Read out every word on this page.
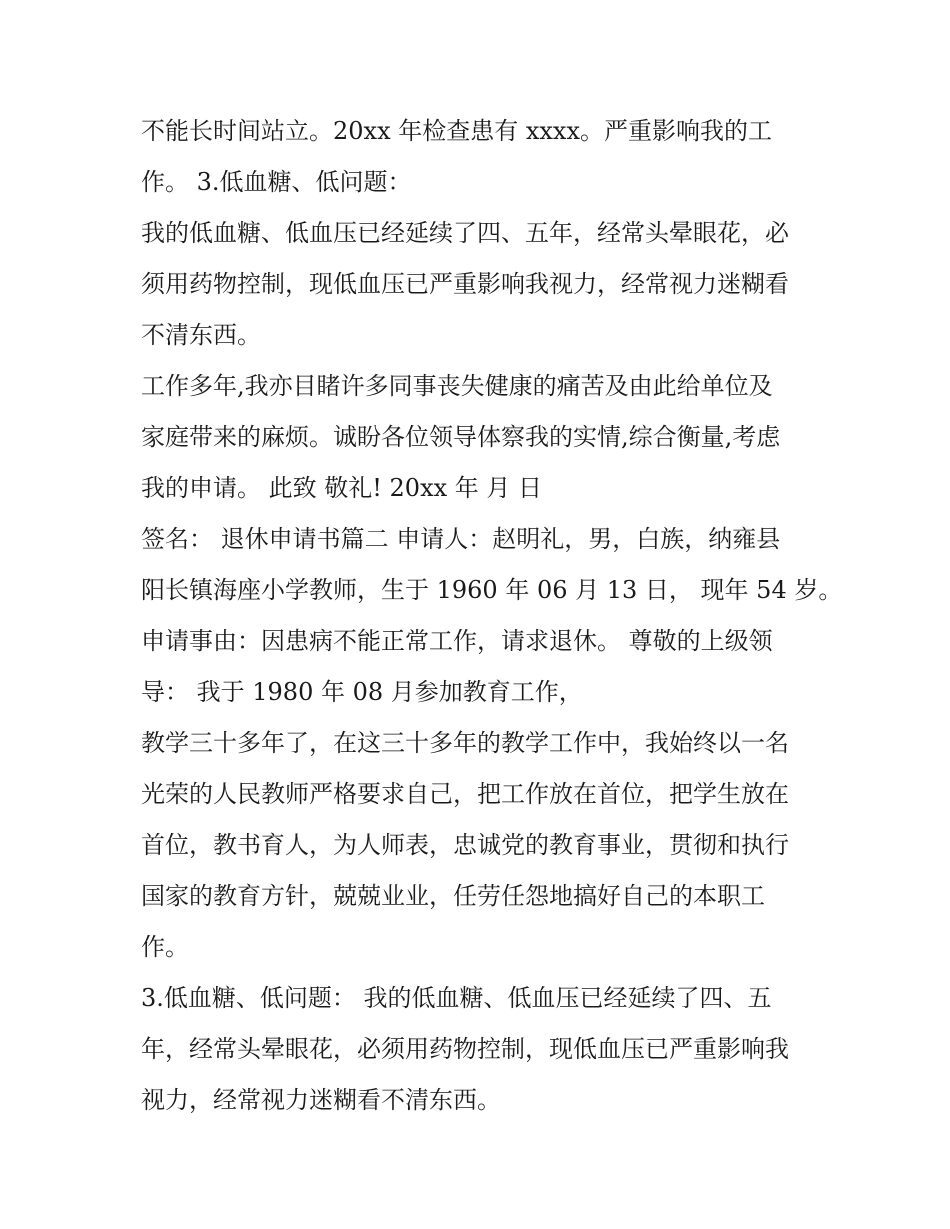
不能长时间站立。20xx 年检查患有 xxxx。严重影响我的工
作。 3.低血糖、低问题：
我的低血糖、低血压已经延续了四、五年，经常头晕眼花，必
须用药物控制，现低血压已严重影响我视力，经常视力迷糊看
不清东西。
工作多年,我亦目睹许多同事丧失健康的痛苦及由此给单位及
家庭带来的麻烦。诚盼各位领导体察我的实情,综合衡量,考虑
我的申请。 此致 敬礼! 20xx 年 月 日
签名： 退休申请书篇二 申请人：赵明礼，男，白族，纳雍县
阳长镇海座小学教师，生于 1960 年 06 月 13 日， 现年 54 岁。
申请事由：因患病不能正常工作，请求退休。 尊敬的上级领
导： 我于 1980 年 08 月参加教育工作，
教学三十多年了，在这三十多年的教学工作中，我始终以一名
光荣的人民教师严格要求自己，把工作放在首位，把学生放在
首位，教书育人，为人师表，忠诚党的教育事业，贯彻和执行
国家的教育方针，兢兢业业，任劳任怨地搞好自己的本职工
作。
3.低血糖、低问题： 我的低血糖、低血压已经延续了四、五
年，经常头晕眼花，必须用药物控制，现低血压已严重影响我
视力，经常视力迷糊看不清东西。
